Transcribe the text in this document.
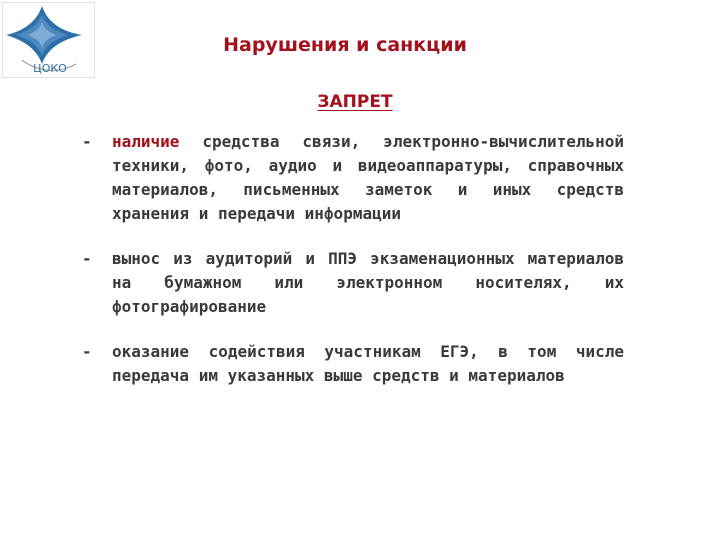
ЦОКО
Нарушения и санкции
ЗАПРЕТ
- наличие средства связи, электронно-вычислительной техники, фото, аудио и видеоаппаратуры, справочных материалов, письменных заметок и иных средств хранения и передачи информации
- вынос из аудиторий и ППЭ экзаменационных материалов на бумажном или электронном носителях, их фотографирование
- оказание содействия участникам ЕГЭ, в том числе передача им указанных выше средств и материалов
